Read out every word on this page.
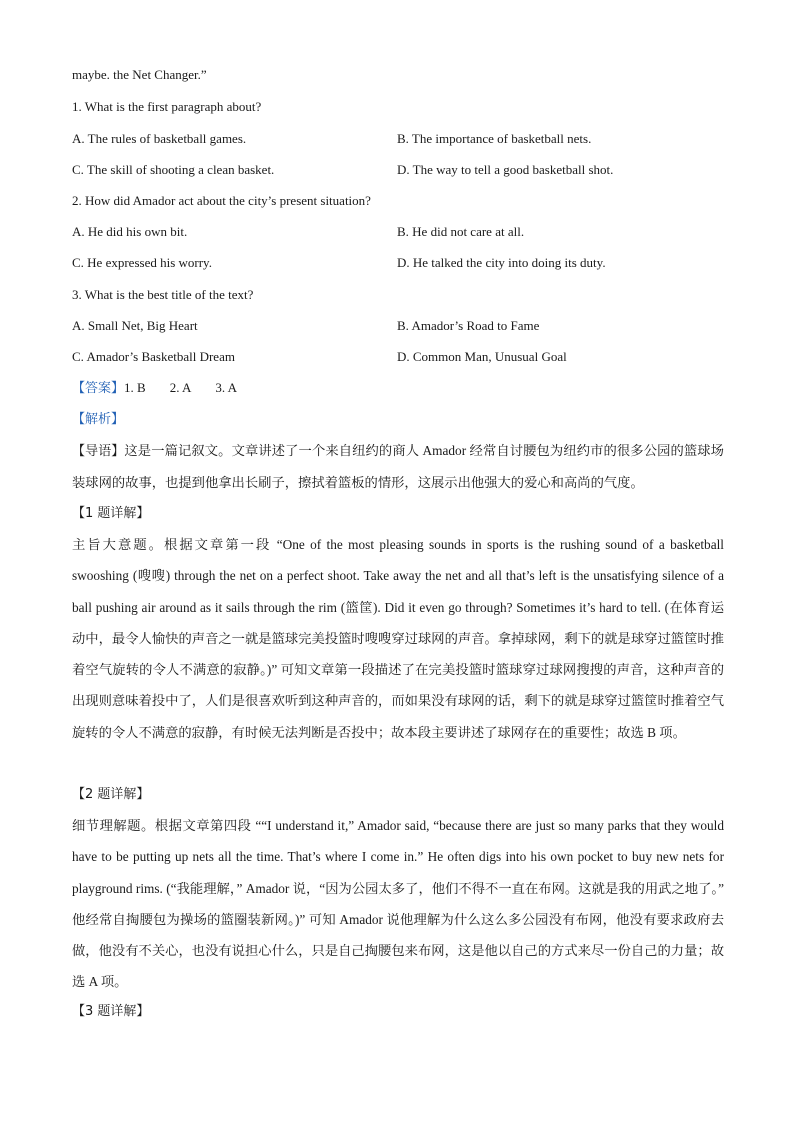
maybe. the Net Changer.”
1. What is the first paragraph about?
A. The rules of basketball games.	B. The importance of basketball nets.
C. The skill of shooting a clean basket.	D. The way to tell a good basketball shot.
2. How did Amador act about the city’s present situation?
A. He did his own bit.	B. He did not care at all.
C. He expressed his worry.	D. He talked the city into doing its duty.
3. What is the best title of the text?
A. Small Net, Big Heart	B. Amador’s Road to Fame
C. Amador’s Basketball Dream	D. Common Man, Unusual Goal
【答案】1. B 2. A 3. A
【解析】
【导语】这是一篇记叙文。文章讲述了一个来自纽约的商人 Amador 经常自讨腰包为纽约市的很多公园的篮球场装球网的故事，也提到他拿出长刷子，擦拭着篮板的情形，这展示出他强大的爱心和高尚的气度。
【1 题详解】
主旨大意题。根据文章第一段 “One of the most pleasing sounds in sports is the rushing sound of a basketball swooshing (嗖嗖) through the net on a perfect shoot. Take away the net and all that’s left is the unsatisfying silence of a ball pushing air around as it sails through the rim (篮筐). Did it even go through? Sometimes it’s hard to tell. (在体育运动中，最令人愉快的声音之一就是篮球完美投篮时嗖嗖穿过球网的声音。拿掉球网，剩下的就是球穿过篮筐时推着空气旋转的令人不满意的寂静。)” 可知文章第一段描述了在完美投篮时篮球穿过球网搜搜的声音，这种声音的出现则意味着投中了，人们是很喜欢听到这种声音的，而如果没有球网的话，剩下的就是球穿过篮筐时推着空气旋转的令人不满意的寂静，有时候无法判断是否投中；故本段主要讲述了球网存在的重要性；故选 B 项。
【2 题详解】
细节理解题。根据文章第四段 ““I understand it,” Amador said, “because there are just so many parks that they would have to be putting up nets all the time. That’s where I come in.” He often digs into his own pocket to buy new nets for playground rims. (“我能理解，” Amador 说，“因为公园太多了，他们不得不一直在布网。这就是我的用武之地了。” 他经常自掏腰包为操场的篮圈装新网。)” 可知 Amador 说他理解为什么这么多公园没有布网，他没有要求政府去做，他没有不关心，也没有说担心什么，只是自己掏腰包来布网，这是他以自己的方式来尽一份自己的力量；故选 A 项。
【3 题详解】
